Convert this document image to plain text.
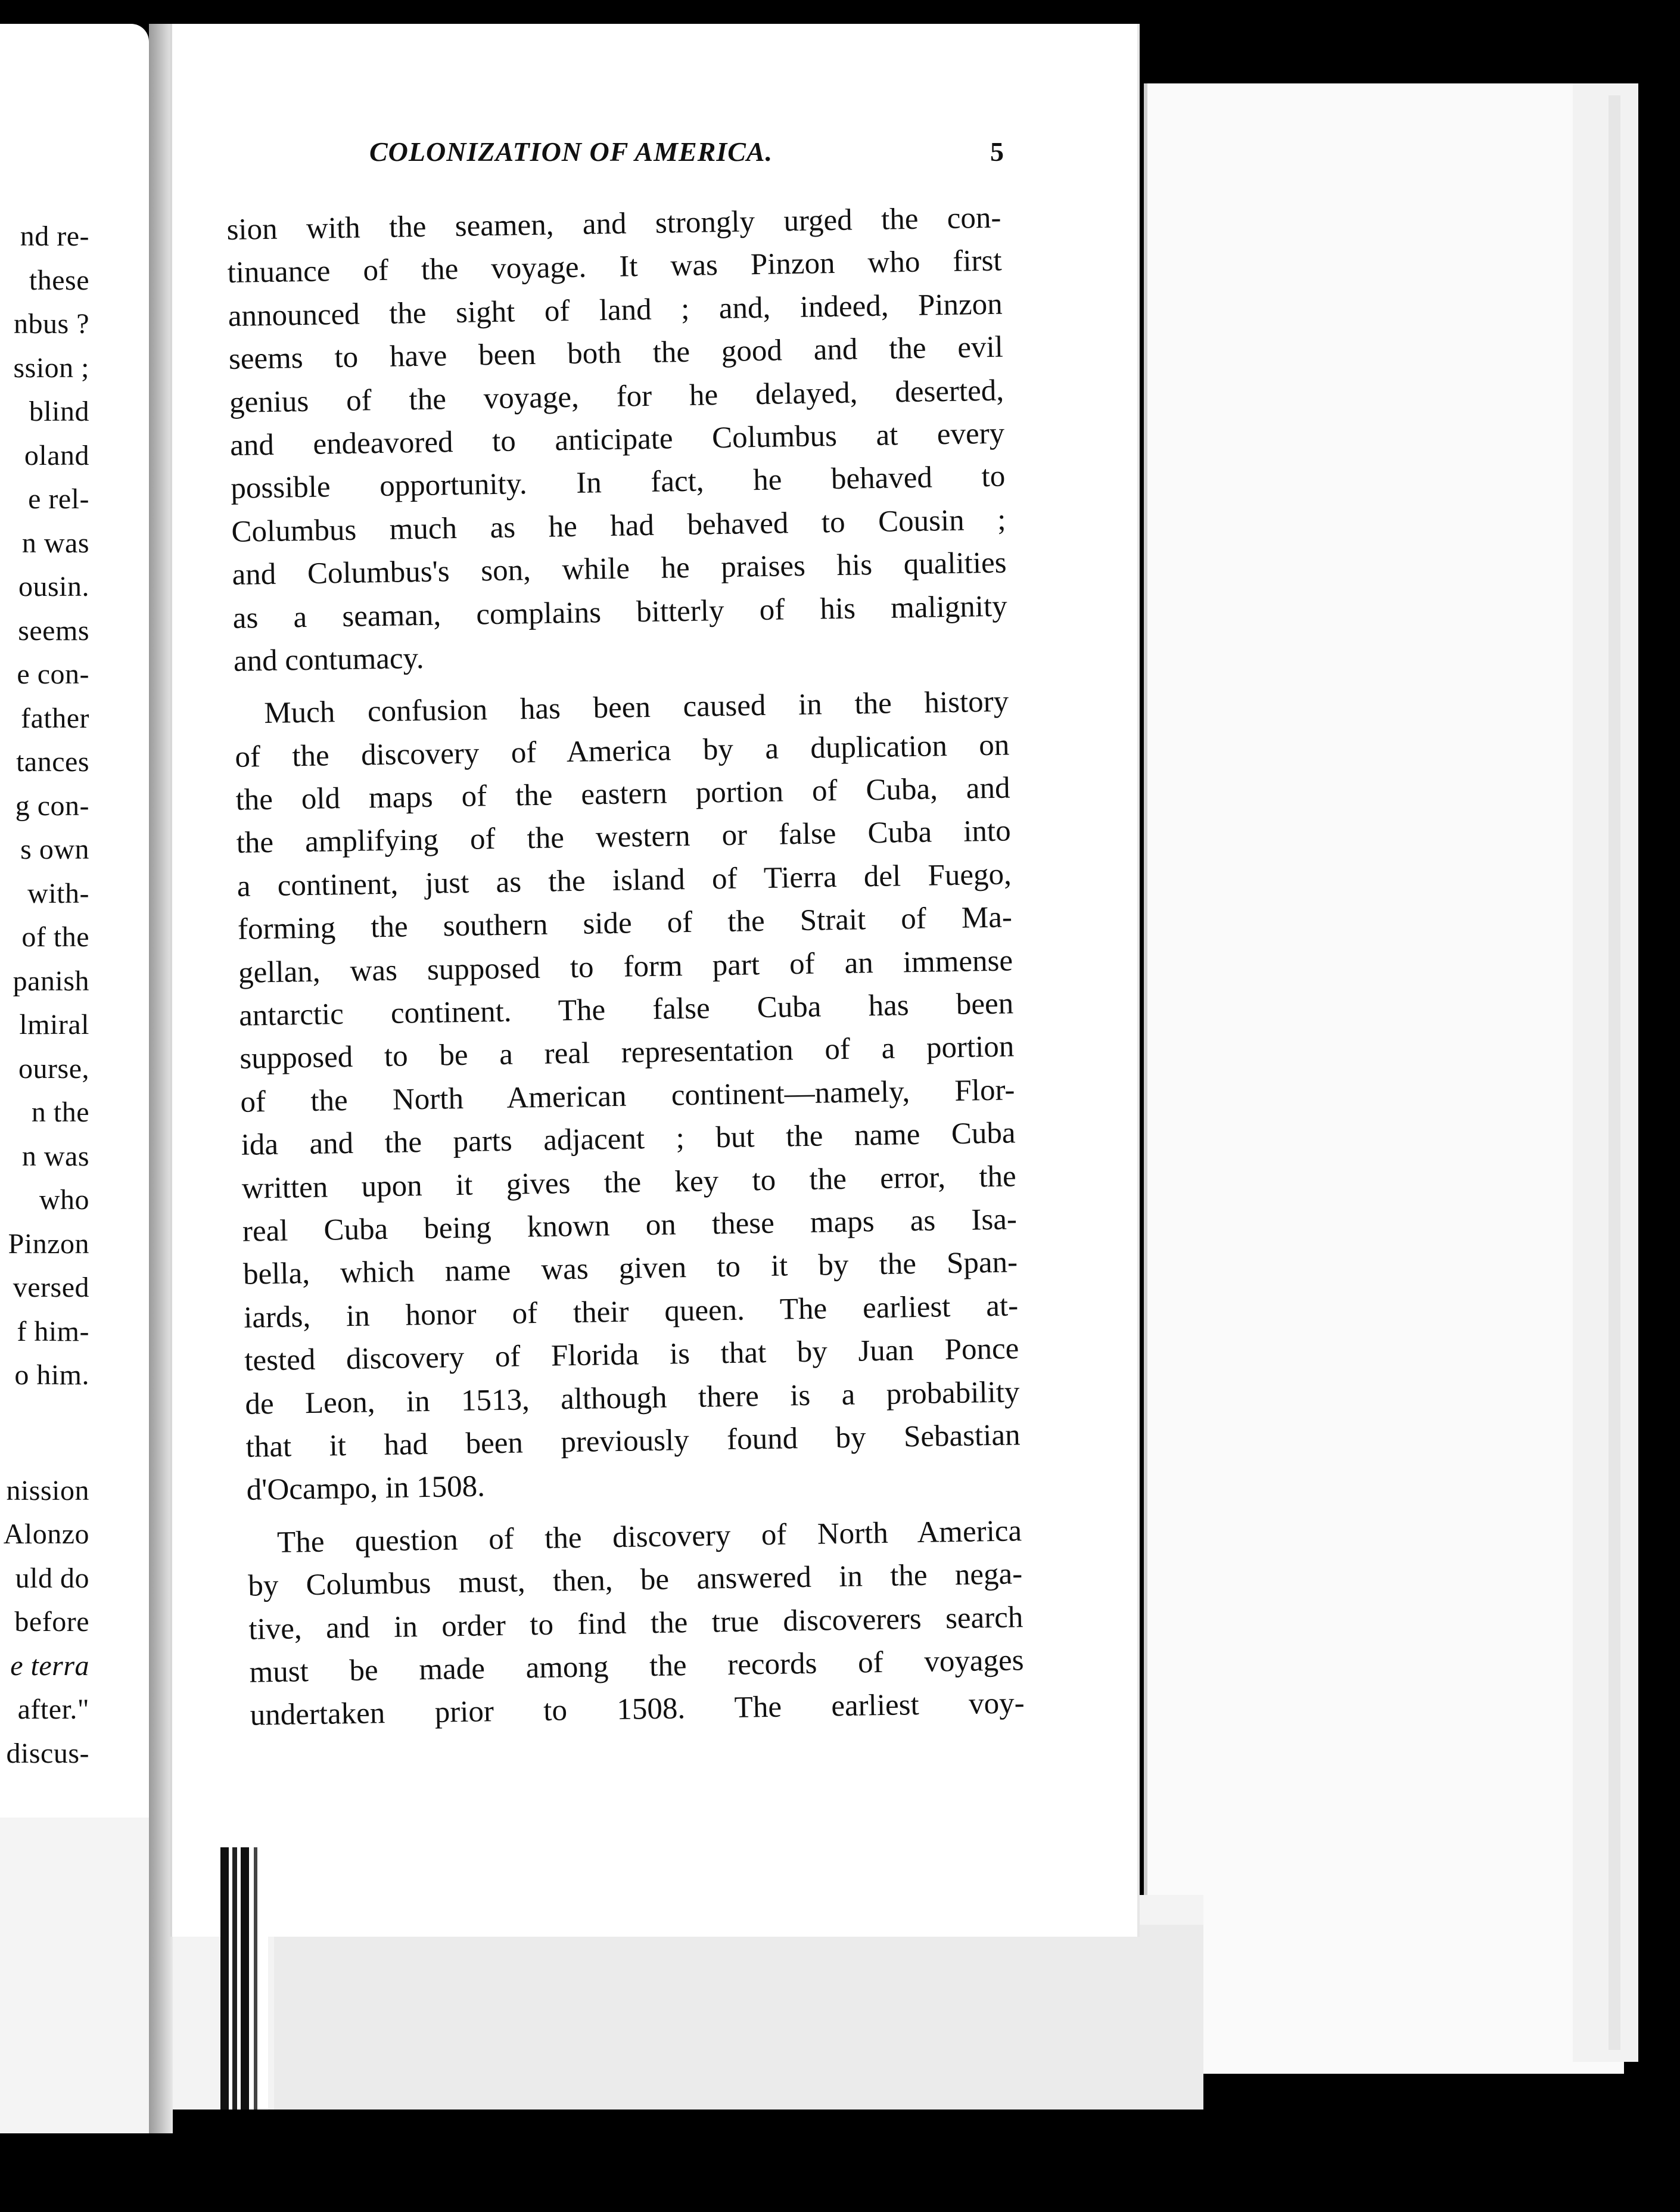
nd re-
these
nbus ?
ssion ;
blind
oland
e rel-
n was
ousin.
seems
e con-
father
tances
g con-
s own
with-
of the
panish
lmiral
ourse,
n the
n was
who
Pinzon
versed
f him-
o him.
nission
Alonzo
uld do
before
e terra
after."
discus-
COLONIZATION OF AMERICA.	5
sion with the seamen, and strongly urged the con-
tinuance of the voyage. It was Pinzon who first
announced the sight of land ; and, indeed, Pinzon
seems to have been both the good and the evil
genius of the voyage, for he delayed, deserted,
and endeavored to anticipate Columbus at every
possible opportunity. In fact, he behaved to
Columbus much as he had behaved to Cousin ;
and Columbus's son, while he praises his qualities
as a seaman, complains bitterly of his malignity
and contumacy.
Much confusion has been caused in the history
of the discovery of America by a duplication on
the old maps of the eastern portion of Cuba, and
the amplifying of the western or false Cuba into
a continent, just as the island of Tierra del Fuego,
forming the southern side of the Strait of Ma-
gellan, was supposed to form part of an immense
antarctic continent. The false Cuba has been
supposed to be a real representation of a portion
of the North American continent—namely, Flor-
ida and the parts adjacent ; but the name Cuba
written upon it gives the key to the error, the
real Cuba being known on these maps as Isa-
bella, which name was given to it by the Span-
iards, in honor of their queen. The earliest at-
tested discovery of Florida is that by Juan Ponce
de Leon, in 1513, although there is a probability
that it had been previously found by Sebastian
d'Ocampo, in 1508.
The question of the discovery of North America
by Columbus must, then, be answered in the nega-
tive, and in order to find the true discoverers search
must be made among the records of voyages
undertaken prior to 1508. The earliest voy-
